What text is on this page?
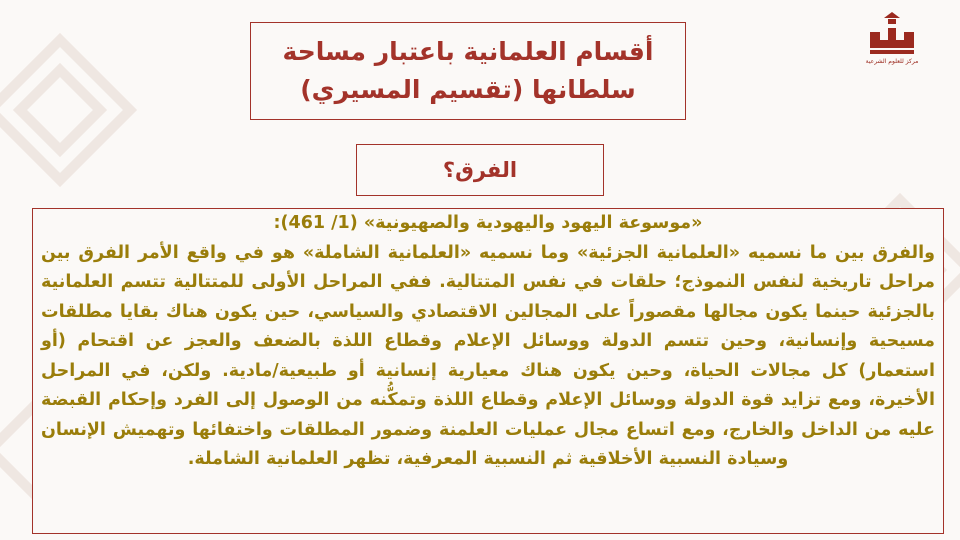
مركز للعلوم الشرعية
أقسام العلمانية باعتبار مساحة سلطانها (تقسيم المسيري)
الفرق؟

«موسوعة اليهود واليهودية والصهيونية» (1/ 461):
والفرق بين ما نسميه «العلمانية الجزئية» وما نسميه «العلمانية الشاملة» هو في واقع الأمر الفرق بين مراحل تاريخية لنفس النموذج؛ حلقات في نفس المتتالية. ففي المراحل الأولى للمتتالية تتسم العلمانية بالجزئية حينما يكون مجالها مقصوراً على المجالين الاقتصادي والسياسي، حين يكون هناك بقايا مطلقات مسيحية وإنسانية، وحين تتسم الدولة ووسائل الإعلام وقطاع اللذة بالضعف والعجز عن اقتحام (أو استعمار) كل مجالات الحياة، وحين يكون هناك معيارية إنسانية أو طبيعية/مادية. ولكن، في المراحل الأخيرة، ومع تزايد قوة الدولة ووسائل الإعلام وقطاع اللذة وتمكُّنه من الوصول إلى الفرد وإحكام القبضة عليه من الداخل والخارج، ومع اتساع مجال عمليات العلمنة وضمور المطلقات واختفائها وتهميش الإنسان وسيادة النسبية الأخلاقية ثم النسبية المعرفية، تظهر العلمانية الشاملة.
